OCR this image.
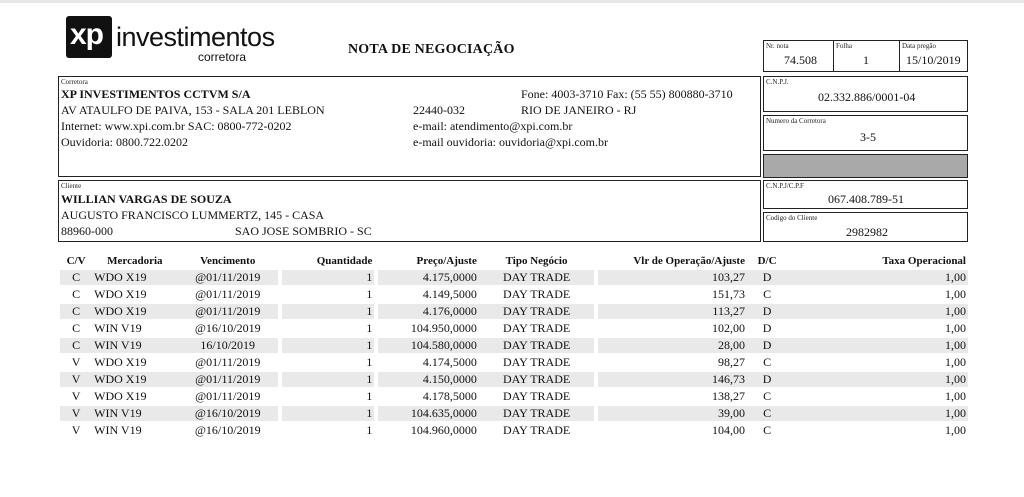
xp investimentos
corretora	NOTA DE NEGOCIAÇÃO	Nr. nota
74.508
Folha
1
Data pregão
15/10/2019
Corretora
XP INVESTIMENTOS CCTVM S/A	Fone: 4003-3710 Fax: (55 55) 800880-3710
AV ATAULFO DE PAIVA, 153 - SALA 201 LEBLON	22440-032	RIO DE JANEIRO - RJ
Internet: www.xpi.com.br SAC: 0800-772-0202	e-mail: atendimento@xpi.com.br
Ouvidoria: 0800.722.0202	e-mail ouvidoria: ouvidoria@xpi.com.br
C.N.P.J.
02.332.886/0001-04
Numero da Corretora
3-5
Cliente
WILLIAN VARGAS DE SOUZA
AUGUSTO FRANCISCO LUMMERTZ, 145 - CASA
88960-000	SAO JOSE SOMBRIO - SC
C.N.P.J/C.P.F
067.408.789-51
Codigo do Cliente
2982982
C/V	Mercadoria	Vencimento		Quantidade		Preço/Ajuste	Tipo Negócio		Vlr de Operação/Ajuste	D/C	Taxa Operacional
C	WDO X19	@01/11/2019		1		4.175,0000	DAY TRADE		103,27	D	1,00
C	WDO X19	@01/11/2019		1		4.149,5000	DAY TRADE		151,73	C	1,00
C	WDO X19	@01/11/2019		1		4.176,0000	DAY TRADE		113,27	D	1,00
C	WIN V19	@16/10/2019		1		104.950,0000	DAY TRADE		102,00	D	1,00
C	WIN V19	16/10/2019		1		104.580,0000	DAY TRADE		28,00	D	1,00
V	WDO X19	@01/11/2019		1		4.174,5000	DAY TRADE		98,27	C	1,00
V	WDO X19	@01/11/2019		1		4.150,0000	DAY TRADE		146,73	D	1,00
V	WDO X19	@01/11/2019		1		4.178,5000	DAY TRADE		138,27	C	1,00
V	WIN V19	@16/10/2019		1		104.635,0000	DAY TRADE		39,00	C	1,00
V	WIN V19	@16/10/2019		1		104.960,0000	DAY TRADE		104,00	C	1,00
